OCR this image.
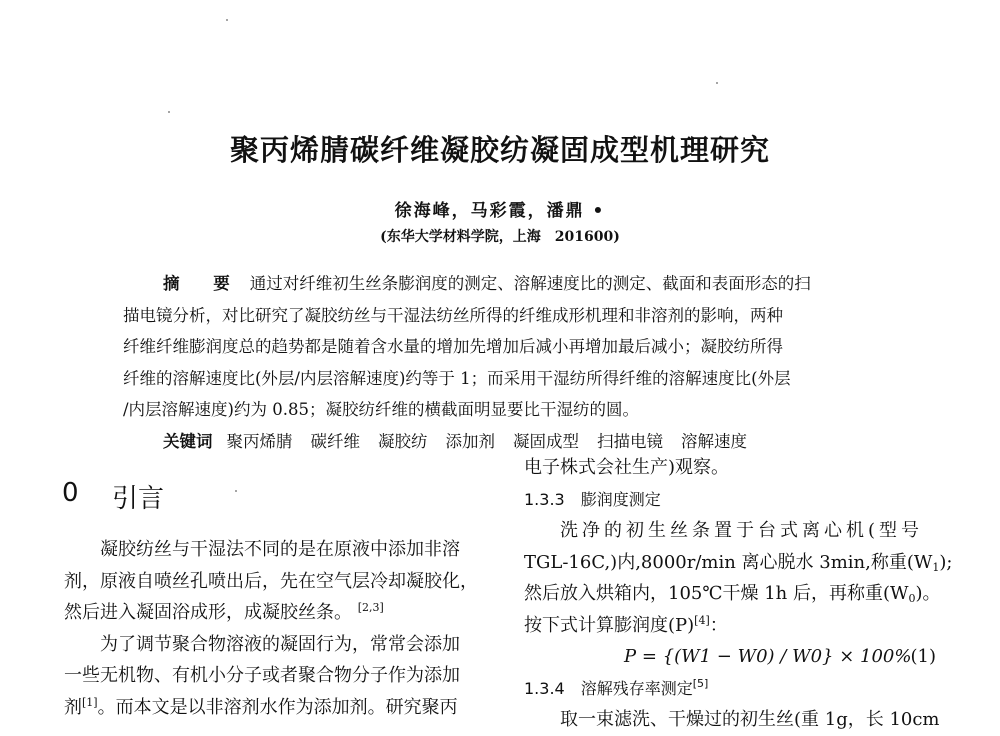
聚丙烯腈碳纤维凝胶纺凝固成型机理研究
徐海峰，马彩霞，潘鼎 •
(东华大学材料学院，上海　201600)
摘 要 通过对纤维初生丝条膨润度的测定、溶解速度比的测定、截面和表面形态的扫
描电镜分析，对比研究了凝胶纺丝与干湿法纺丝所得的纤维成形机理和非溶剂的影响，两种
纤维纤维膨润度总的趋势都是随着含水量的增加先增加后减小再增加最后减小；凝胶纺所得
纤维的溶解速度比(外层/内层溶解速度)约等于 1；而采用干湿纺所得纤维的溶解速度比(外层
/内层溶解速度)约为 0.85；凝胶纺纤维的横截面明显要比干湿纺的圆。
关键词 聚丙烯腈 碳纤维 凝胶纺 添加剂 凝固成型 扫描电镜 溶解速度
0 引言
凝胶纺丝与干湿法不同的是在原液中添加非溶
剂，原液自喷丝孔喷出后，先在空气层冷却凝胶化，
然后进入凝固浴成形，成凝胶丝条。 [2,3]
为了调节聚合物溶液的凝固行为，常常会添加
一些无机物、有机小分子或者聚合物分子作为添加
剂[1]。而本文是以非溶剂水作为添加剂。研究聚丙
电子株式会社生产)观察。
1.3.3 膨润度测定
洗净的初生丝条置于台式离心机(型号
TGL-16C,)内,8000r/min 离心脱水 3min,称重$(W_1)$;
然后放入烘箱内，105℃干燥 1h 后，再称重$(W_0)$。
按下式计算膨润度(P)[4]：
P = {(W1 − W0) / W0} × 100% (1)
1.3.4 溶解残存率测定[5]
取一束滤洗、干燥过的初生丝(重 1g，长 10cm
